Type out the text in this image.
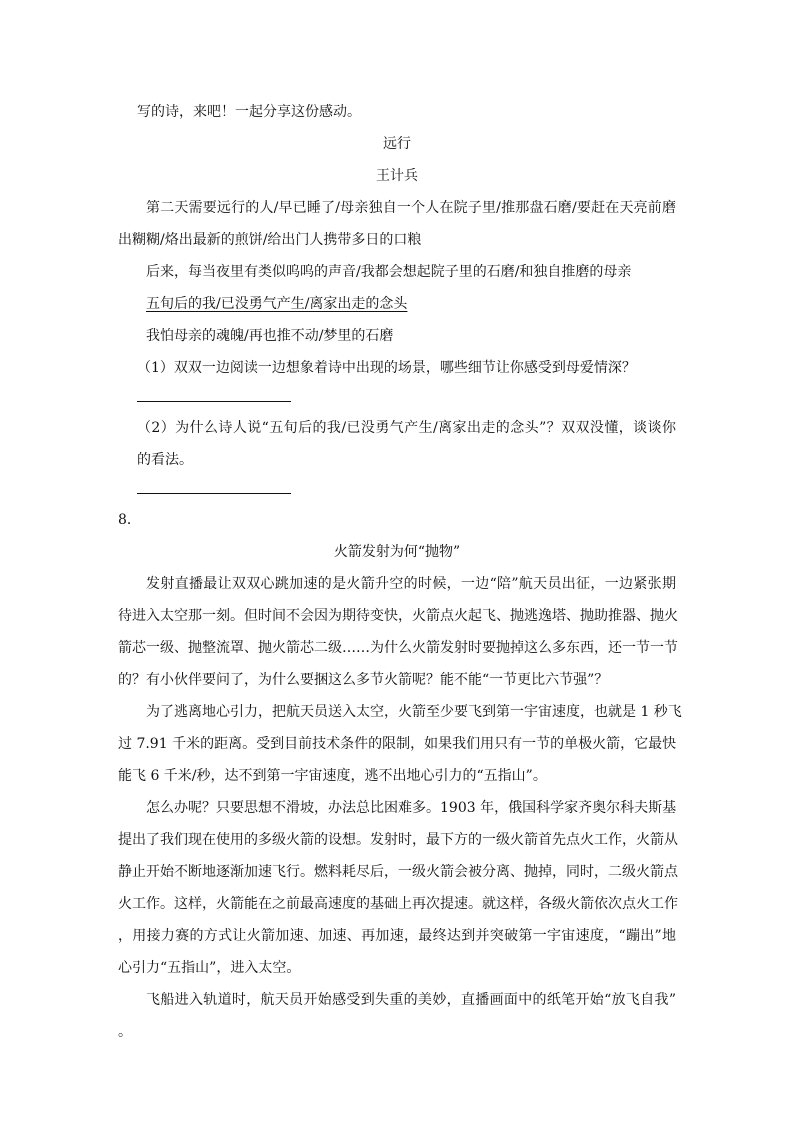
写的诗，来吧！一起分享这份感动。
远行
王计兵
第二天需要远行的人/早已睡了/母亲独自一个人在院子里/推那盘石磨/要赶在天亮前磨
出糊糊/烙出最新的煎饼/给出门人携带多日的口粮
后来，每当夜里有类似呜呜的声音/我都会想起院子里的石磨/和独自推磨的母亲
五旬后的我/已没勇气产生/离家出走的念头
我怕母亲的魂魄/再也推不动/梦里的石磨
（1）双双一边阅读一边想象着诗中出现的场景，哪些细节让你感受到母爱情深？
（2）为什么诗人说“五旬后的我/已没勇气产生/离家出走的念头”？双双没懂，谈谈你
的看法。
8．
火箭发射为何“抛物”
发射直播最让双双心跳加速的是火箭升空的时候，一边“陪”航天员出征，一边紧张期
待进入太空那一刻。但时间不会因为期待变快，火箭点火起飞、抛逃逸塔、抛助推器、抛火
箭芯一级、抛整流罩、抛火箭芯二级……为什么火箭发射时要抛掉这么多东西，还一节一节
的？有小伙伴要问了，为什么要捆这么多节火箭呢？能不能“一节更比六节强”？
为了逃离地心引力，把航天员送入太空，火箭至少要飞到第一宇宙速度，也就是 1 秒飞
过 7.91 千米的距离。受到目前技术条件的限制，如果我们用只有一节的单极火箭，它最快
能飞 6 千米/秒，达不到第一宇宙速度，逃不出地心引力的“五指山”。
怎么办呢？只要思想不滑坡，办法总比困难多。1903 年，俄国科学家齐奥尔科夫斯基
提出了我们现在使用的多级火箭的设想。发射时，最下方的一级火箭首先点火工作，火箭从
静止开始不断地逐渐加速飞行。燃料耗尽后，一级火箭会被分离、抛掉，同时，二级火箭点
火工作。这样，火箭能在之前最高速度的基础上再次提速。就这样，各级火箭依次点火工作
，用接力赛的方式让火箭加速、加速、再加速，最终达到并突破第一宇宙速度，“蹦出”地
心引力“五指山”，进入太空。
飞船进入轨道时，航天员开始感受到失重的美妙，直播画面中的纸笔开始“放飞自我”
。
